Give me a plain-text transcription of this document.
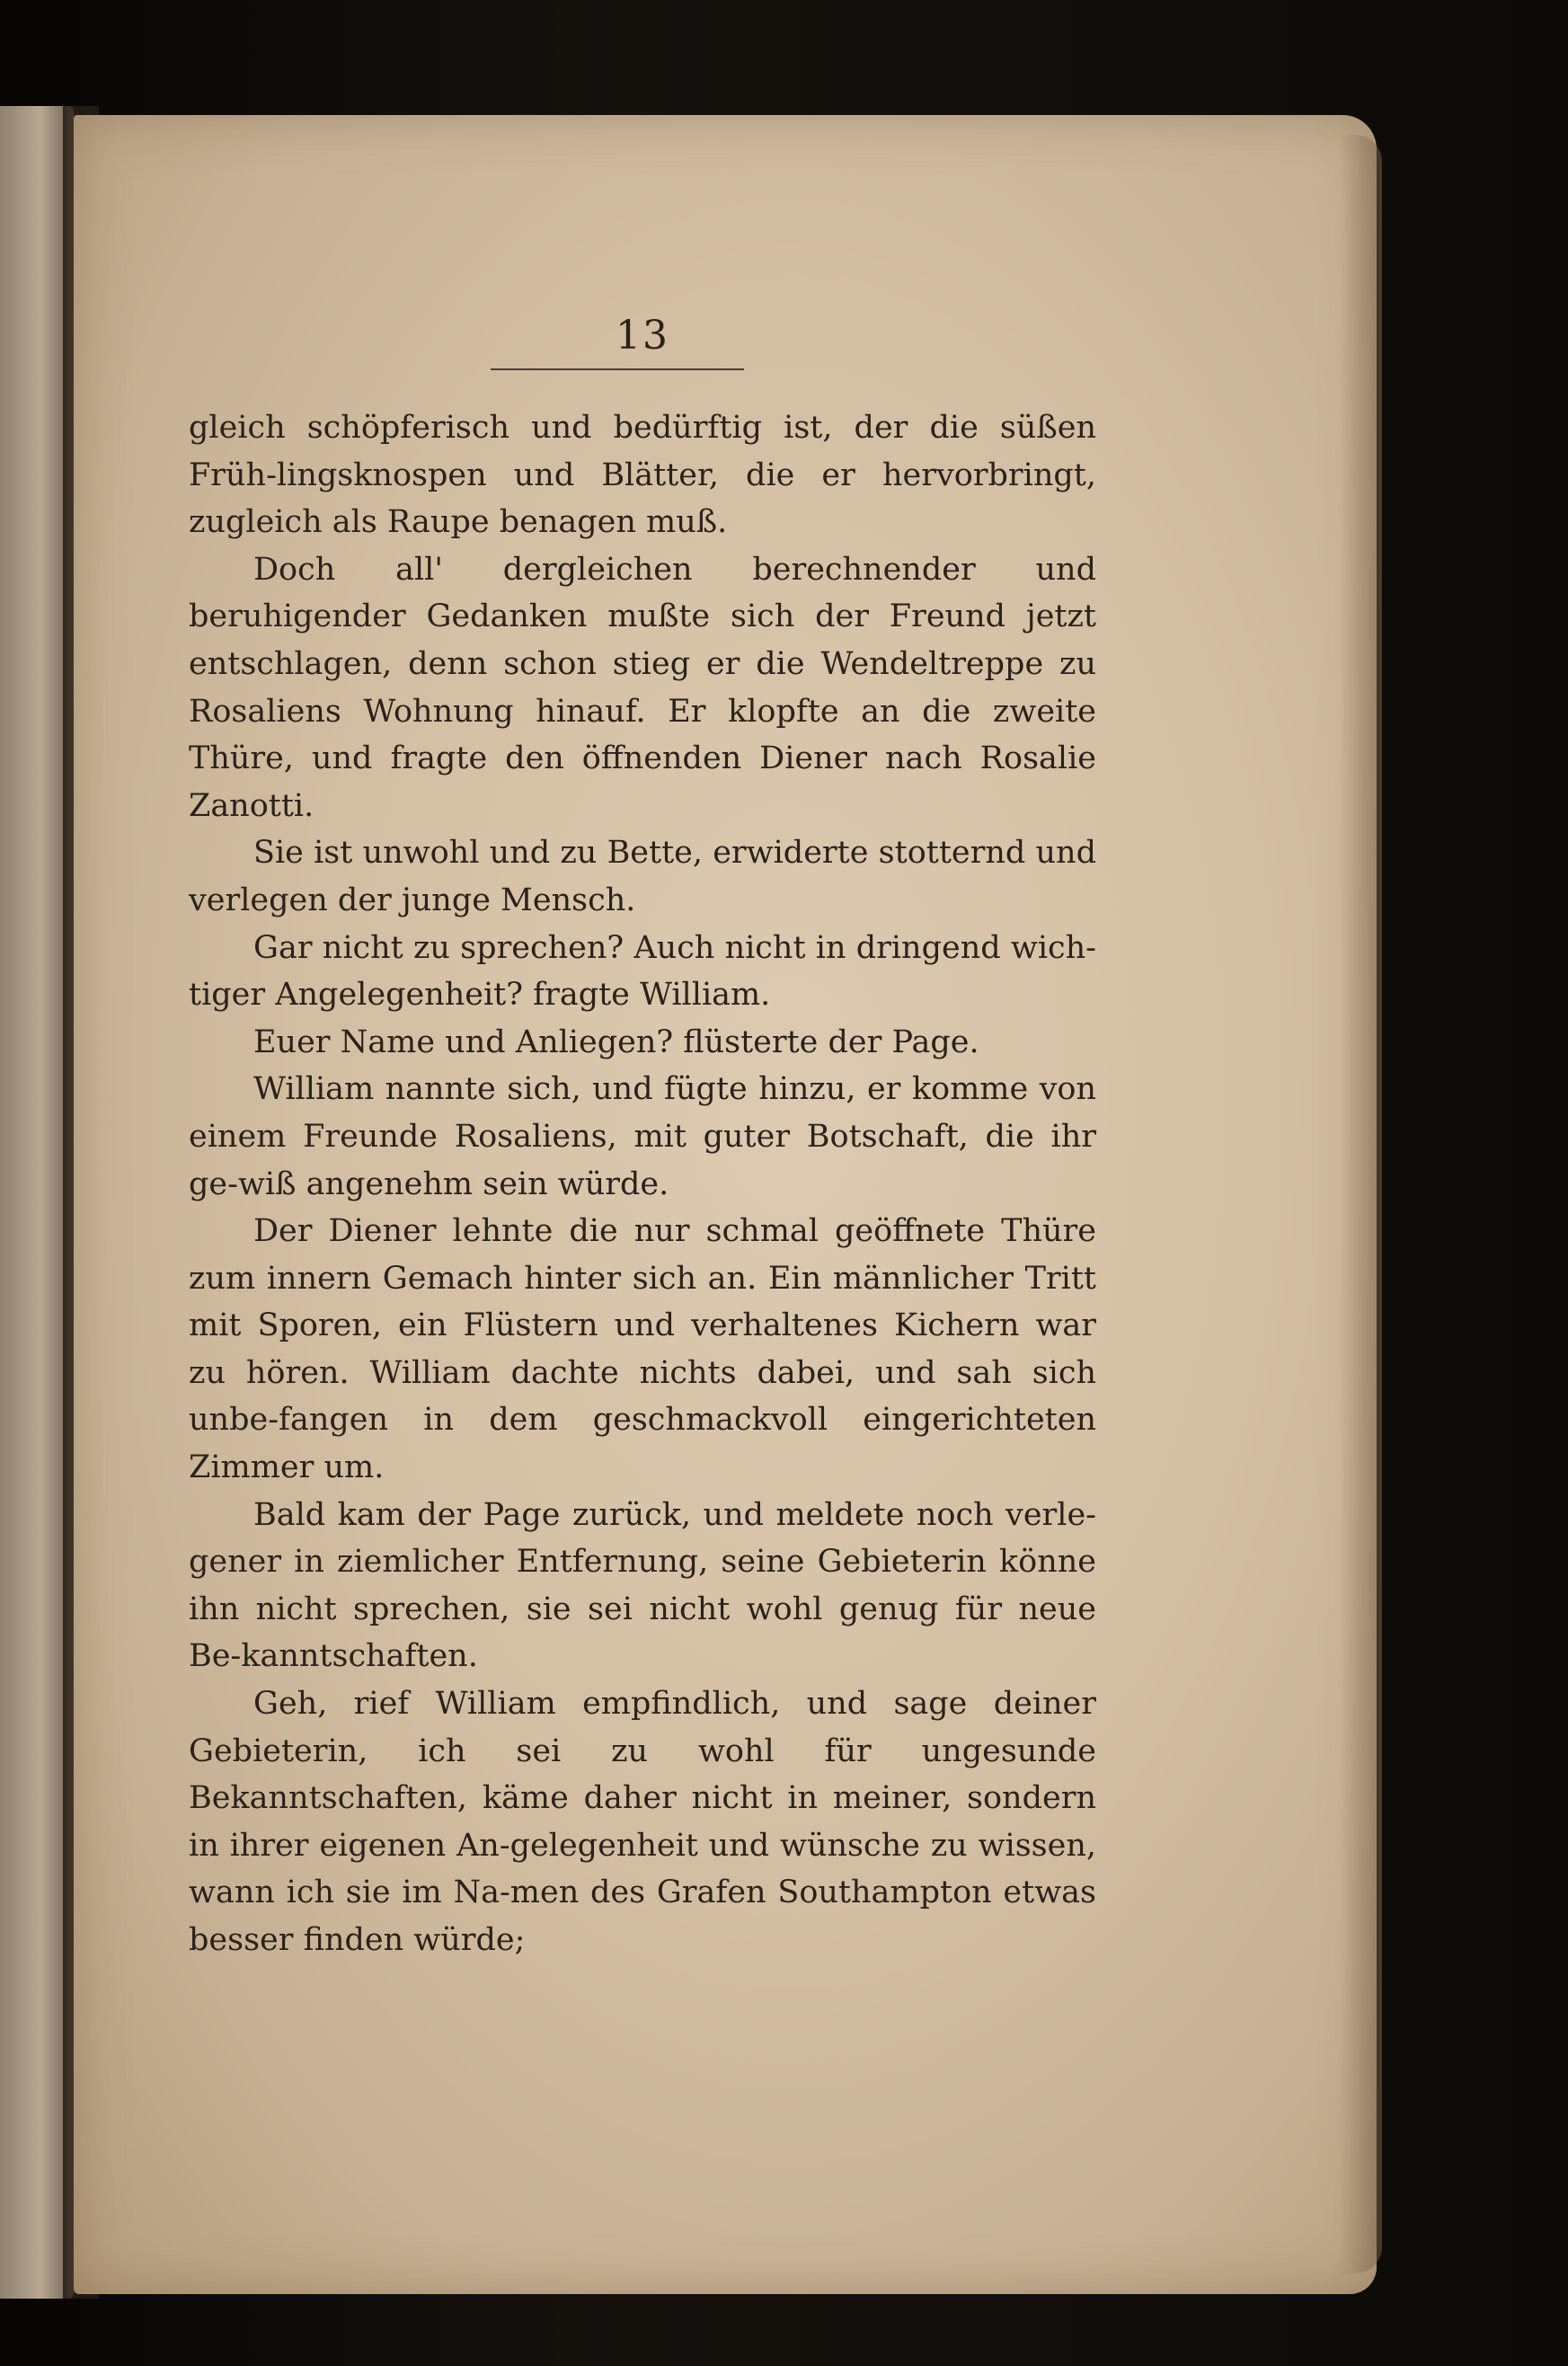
13

gleich schöpferisch und bedürftig ist, der die süßen Früh-lingsknospen und Blätter, die er hervorbringt, zugleich als Raupe benagen muß.

Doch all' dergleichen berechnender und beruhigender Gedanken mußte sich der Freund jetzt entschlagen, denn schon stieg er die Wendeltreppe zu Rosaliens Wohnung hinauf. Er klopfte an die zweite Thüre, und fragte den öffnenden Diener nach Rosalie Zanotti.

Sie ist unwohl und zu Bette, erwiderte stotternd und verlegen der junge Mensch.

Gar nicht zu sprechen? Auch nicht in dringend wich-tiger Angelegenheit? fragte William.

Euer Name und Anliegen? flüsterte der Page.

William nannte sich, und fügte hinzu, er komme von einem Freunde Rosaliens, mit guter Botschaft, die ihr ge-wiß angenehm sein würde.

Der Diener lehnte die nur schmal geöffnete Thüre zum innern Gemach hinter sich an. Ein männlicher Tritt mit Sporen, ein Flüstern und verhaltenes Kichern war zu hören. William dachte nichts dabei, und sah sich unbe-fangen in dem geschmackvoll eingerichteten Zimmer um.

Bald kam der Page zurück, und meldete noch verle-gener in ziemlicher Entfernung, seine Gebieterin könne ihn nicht sprechen, sie sei nicht wohl genug für neue Be-kanntschaften.

Geh, rief William empfindlich, und sage deiner Gebieterin, ich sei zu wohl für ungesunde Bekanntschaften, käme daher nicht in meiner, sondern in ihrer eigenen An-gelegenheit und wünsche zu wissen, wann ich sie im Na-men des Grafen Southampton etwas besser finden würde;
